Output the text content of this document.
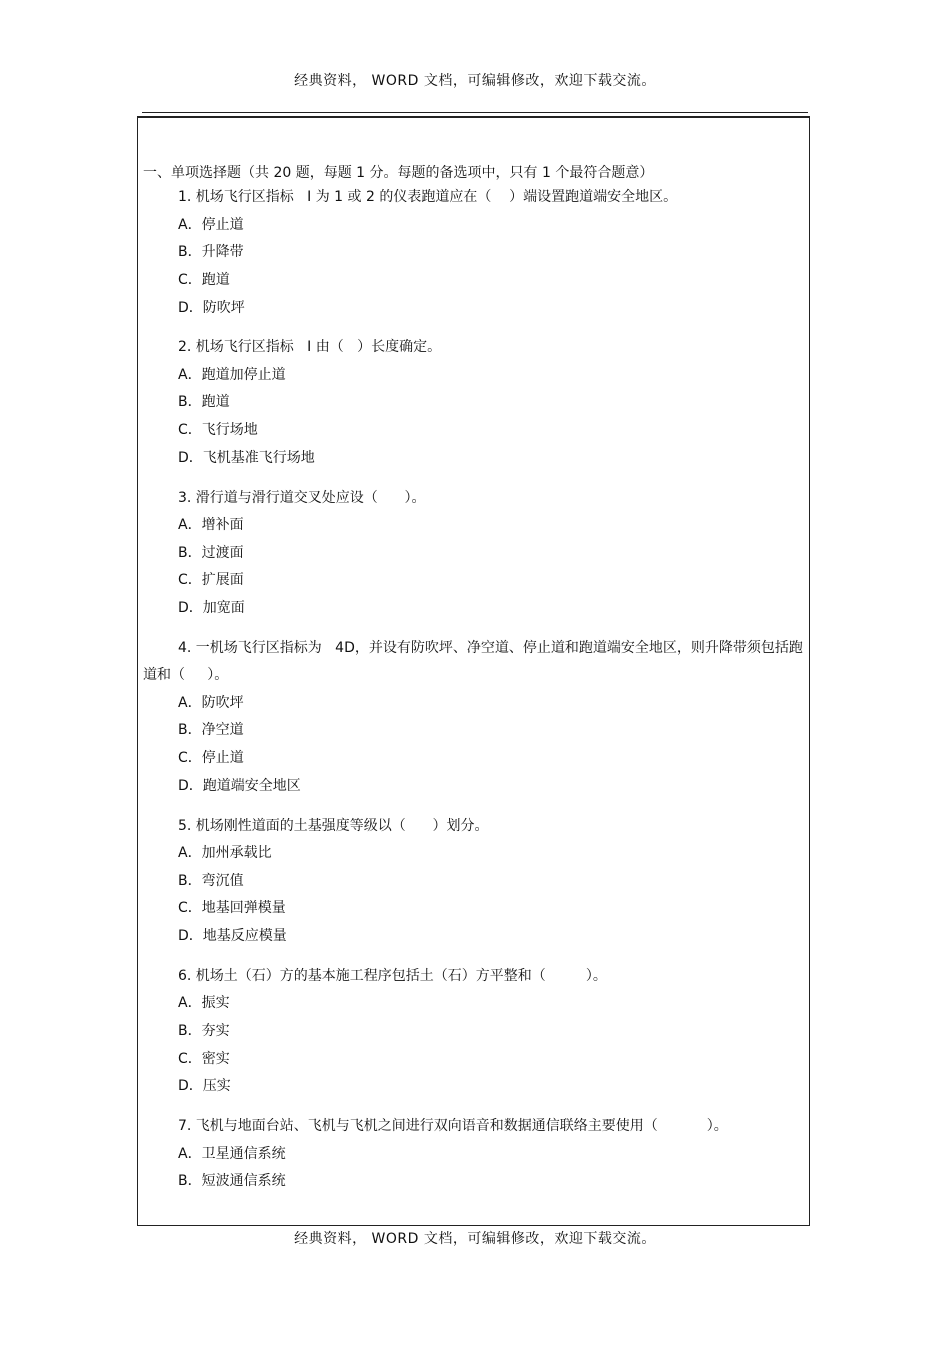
经典资料， WORD 文档，可编辑修改，欢迎下载交流。
一、单项选择题（共 20 题，每题 1 分。每题的备选项中，只有 1 个最符合题意）
1. 机场飞行区指标   I 为 1 或 2 的仪表跑道应在（    ）端设置跑道端安全地区。
A．停止道
B．升降带
C．跑道
D．防吹坪
2. 机场飞行区指标   I 由（   ）长度确定。
A．跑道加停止道
B．跑道
C．飞行场地
D．飞机基准飞行场地
3. 滑行道与滑行道交叉处应设（      ）。
A．增补面
B．过渡面
C．扩展面
D．加宽面
4. 一机场飞行区指标为   4D，并设有防吹坪、净空道、停止道和跑道端安全地区，则升降带须包括跑道和（     ）。
A．防吹坪
B．净空道
C．停止道
D．跑道端安全地区
5. 机场刚性道面的土基强度等级以（      ）划分。
A．加州承载比
B．弯沉值
C．地基回弹模量
D．地基反应模量
6. 机场土（石）方的基本施工程序包括土（石）方平整和（         ）。
A．振实
B．夯实
C．密实
D．压实
7. 飞机与地面台站、飞机与飞机之间进行双向语音和数据通信联络主要使用（           ）。
A．卫星通信系统
B．短波通信系统
经典资料， WORD 文档，可编辑修改，欢迎下载交流。
